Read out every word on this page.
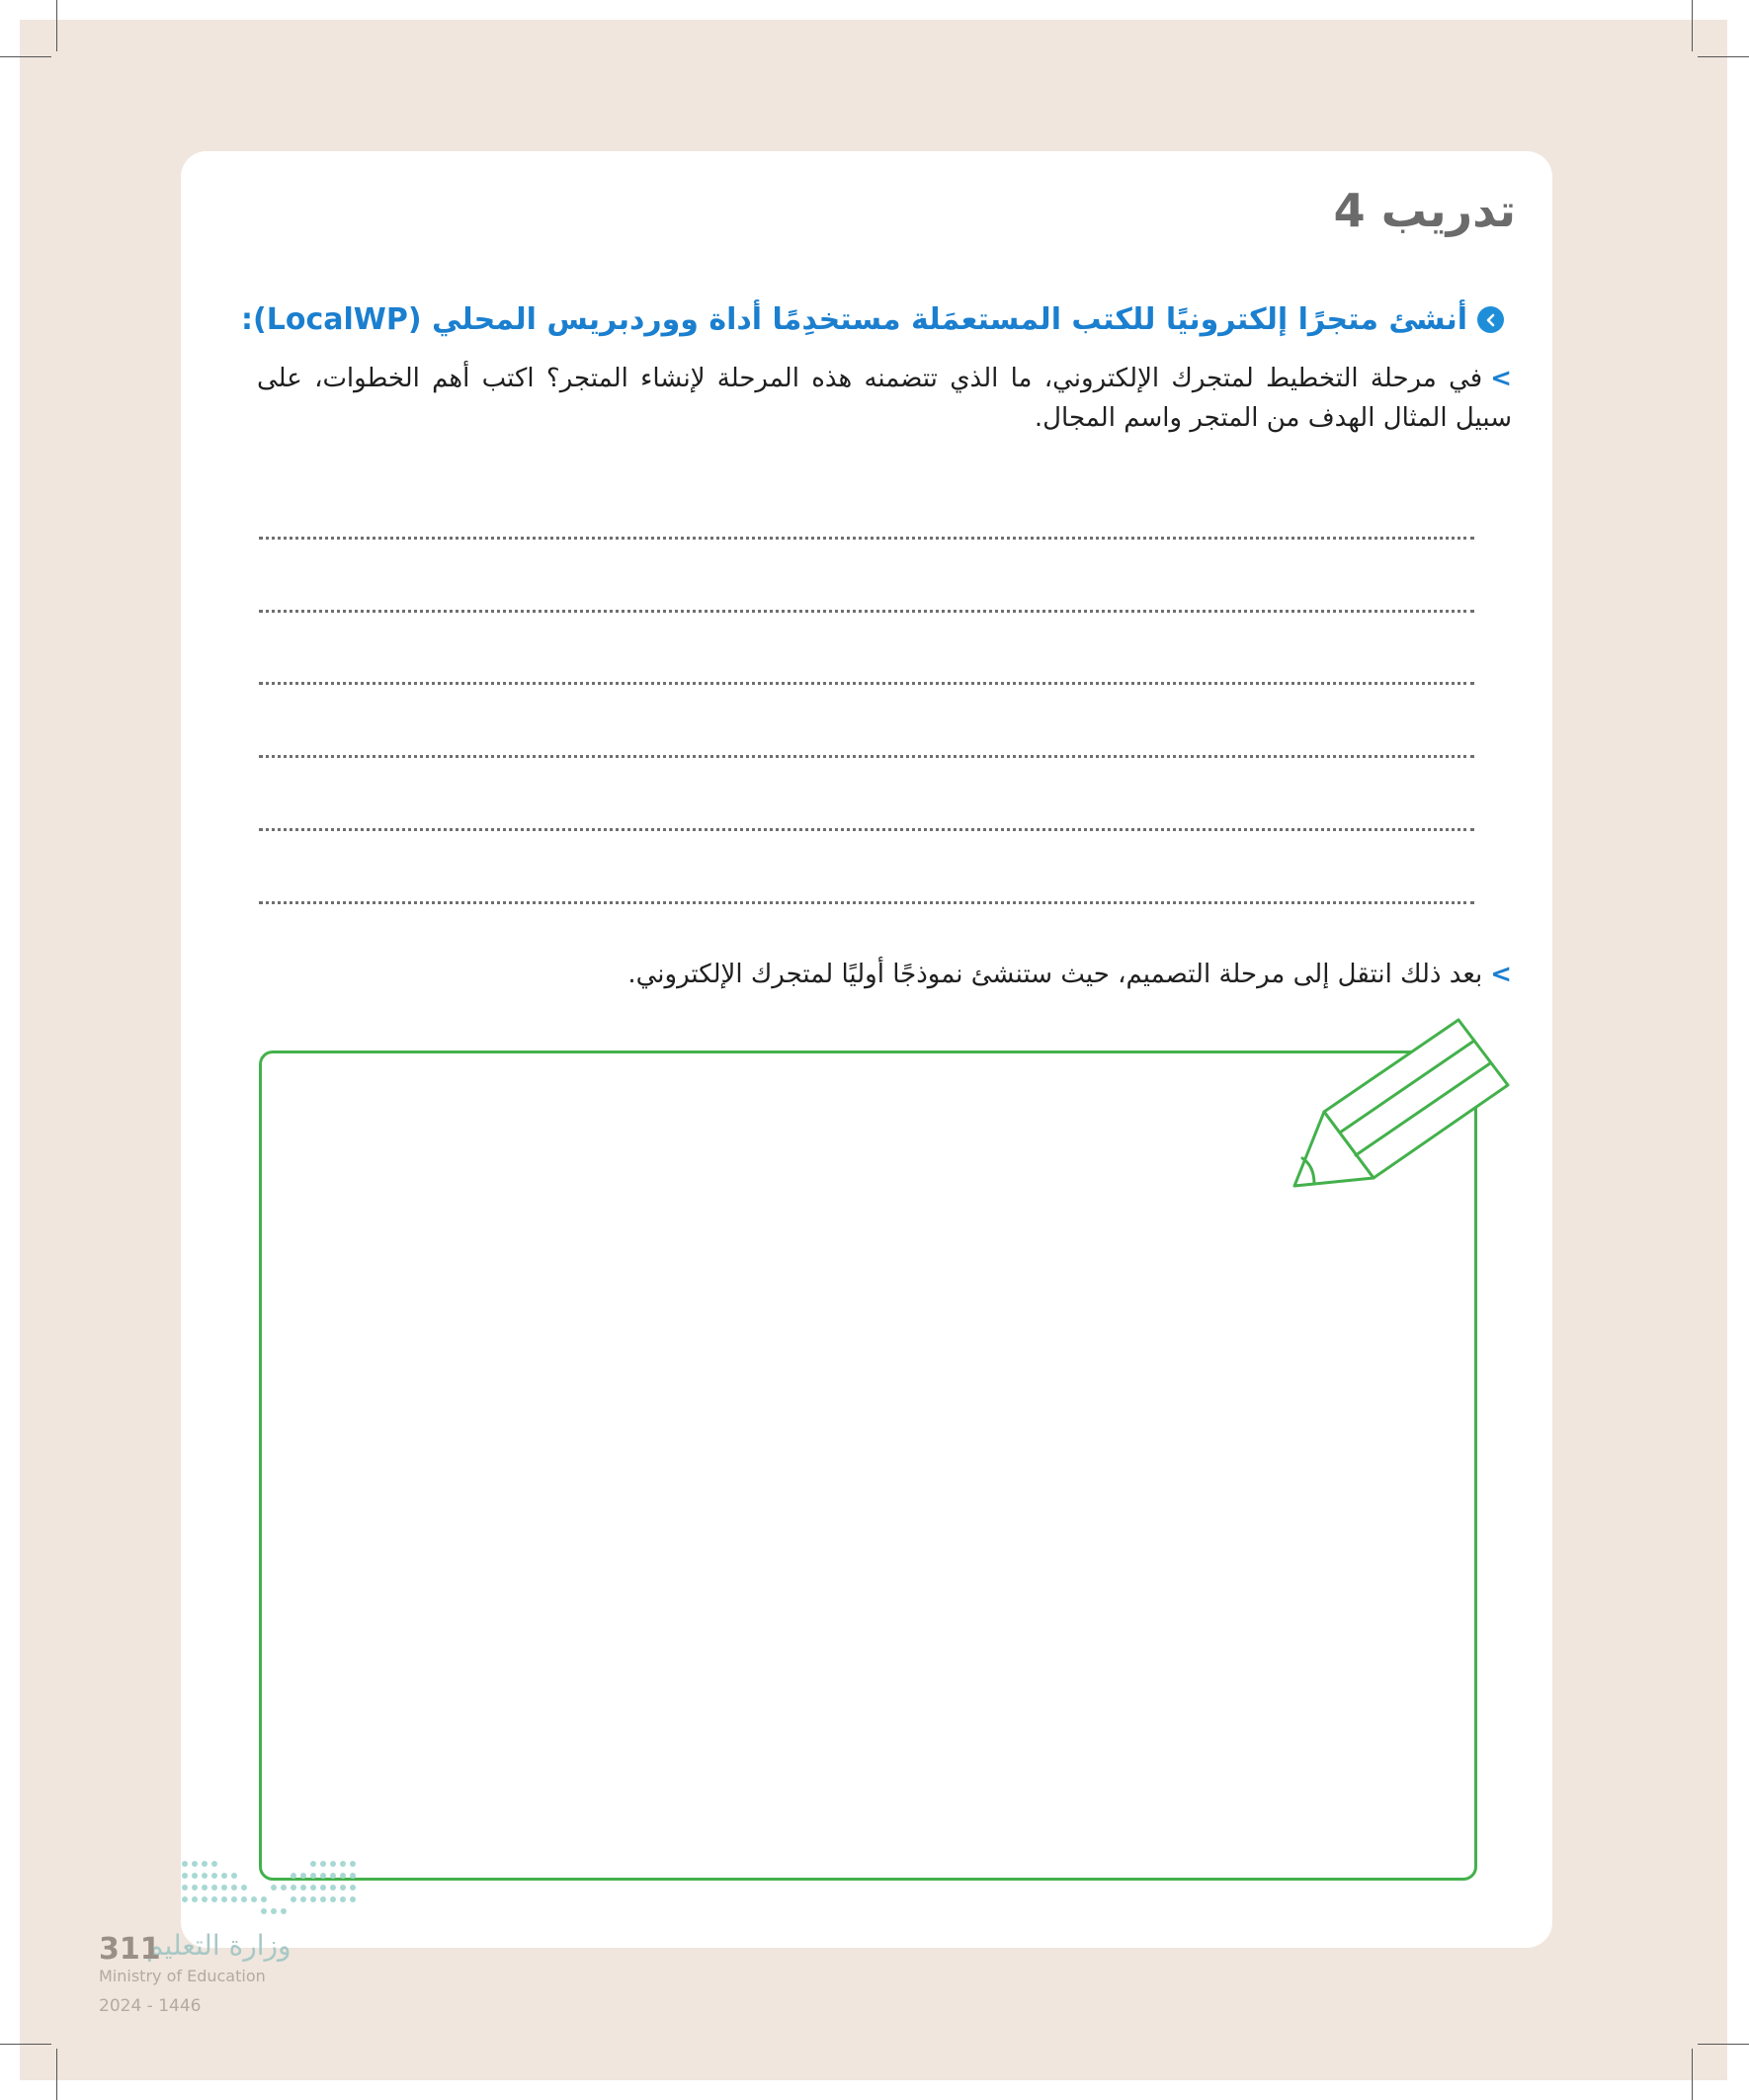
تدريب 4
أنشئ متجرًا إلكترونيًا للكتب المستعمَلة مستخدِمًا أداة ووردبريس المحلي (LocalWP):
>في مرحلة التخطيط لمتجرك الإلكتروني، ما الذي تتضمنه هذه المرحلة لإنشاء المتجر؟ اكتب أهم الخطوات، على سبيل المثال الهدف من المتجر واسم المجال.
>بعد ذلك انتقل إلى مرحلة التصميم، حيث ستنشئ نموذجًا أوليًا لمتجرك الإلكتروني.
وزارة التعليم
311
Ministry of Education
2024 - 1446
